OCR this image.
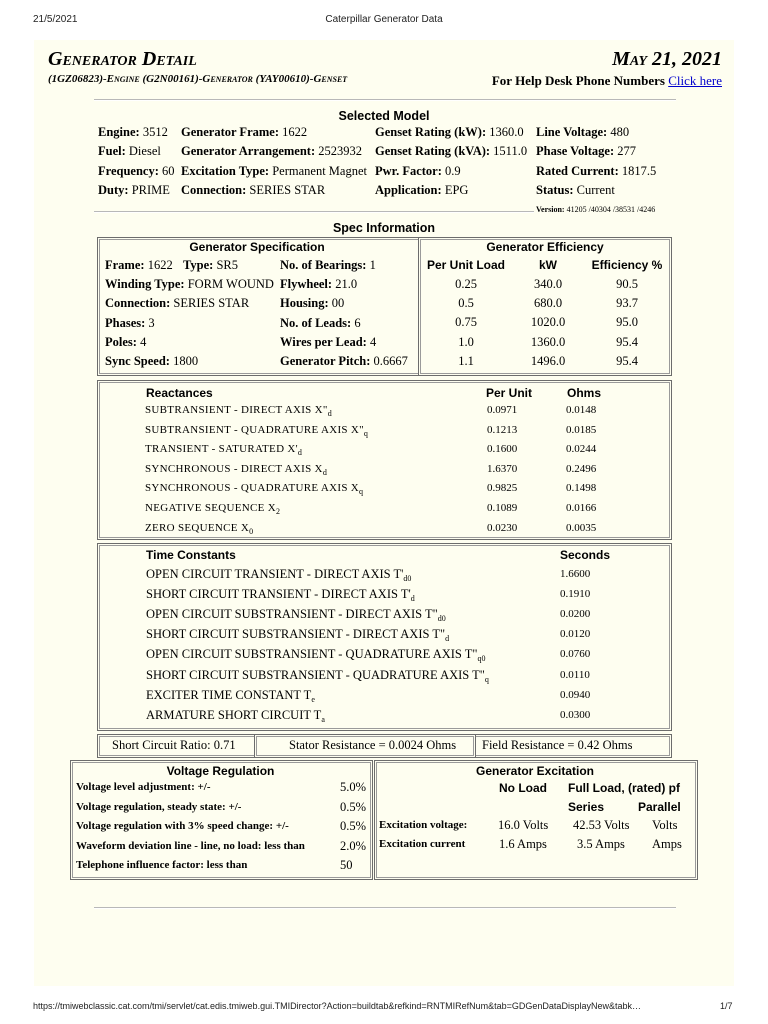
21/5/2021	Caterpillar Generator Data
Generator Detail	May 21, 2021
(1GZ06823)-Engine (G2N00161)-Generator (YAY00610)-Genset	For Help Desk Phone Numbers Click here
Selected Model
Engine: 3512 Generator Frame: 1622	Genset Rating (kW): 1360.0 Line Voltage: 480
Fuel: Diesel Generator Arrangement: 2523932 Genset Rating (kVA): 1511.0 Phase Voltage: 277
Frequency: 60 Excitation Type: Permanent Magnet Pwr. Factor: 0.9	Rated Current: 1817.5
Duty: PRIME Connection: SERIES STAR	Application: EPG	Status: Current
Version: 41205 /40304 /38531 /4246
Spec Information
Generator Specification	Generator Efficiency
Frame: 1622 Type: SR5	No. of Bearings: 1
Winding Type: FORM WOUND Flywheel: 21.0
Connection: SERIES STAR Housing: 00
Phases: 3	No. of Leads: 6
Poles: 4	Wires per Lead: 4
Sync Speed: 1800	Generator Pitch: 0.6667
Per Unit Load	kW	Efficiency %
0.25	340.0	90.5
0.5	680.0	93.7
0.75	1020.0	95.0
1.0	1360.0	95.4
1.1	1496.0	95.4
Reactances	Per Unit	Ohms
SUBTRANSIENT - DIRECT AXIS $X"_d$	0.0971	0.0148
SUBTRANSIENT - QUADRATURE AXIS $X"_q$	0.1213	0.0185
TRANSIENT - SATURATED $X'_d$	0.1600	0.0244
SYNCHRONOUS - DIRECT AXIS $X_d$	1.6370	0.2496
SYNCHRONOUS - QUADRATURE AXIS $X_q$	0.9825	0.1498
NEGATIVE SEQUENCE $X_2$	0.1089	0.0166
ZERO SEQUENCE $X_0$	0.0230	0.0035
Time Constants	Seconds
OPEN CIRCUIT TRANSIENT - DIRECT AXIS $T'_{d0}$	1.6600
SHORT CIRCUIT TRANSIENT - DIRECT AXIS $T'_d$	0.1910
OPEN CIRCUIT SUBSTRANSIENT - DIRECT AXIS $T"_{d0}$	0.0200
SHORT CIRCUIT SUBSTRANSIENT - DIRECT AXIS $T"_d$	0.0120
OPEN CIRCUIT SUBSTRANSIENT - QUADRATURE AXIS $T"_{q0}$	0.0760
SHORT CIRCUIT SUBSTRANSIENT - QUADRATURE AXIS $T"_q$	0.0110
EXCITER TIME CONSTANT $T_e$	0.0940
ARMATURE SHORT CIRCUIT $T_a$	0.0300
Short Circuit Ratio: 0.71	Stator Resistance = 0.0024 Ohms Field Resistance = 0.42 Ohms
Voltage Regulation
Voltage level adjustment: +/-	5.0%
Voltage regulation, steady state: +/-	0.5%
Voltage regulation with 3% speed change: +/-	0.5%
Waveform deviation line - line, no load: less than	2.0%
Telephone influence factor: less than	50
Generator Excitation
No Load Full Load, (rated) pf
Series	Parallel
Excitation voltage: 16.0 Volts 42.53 Volts Volts
Excitation current	1.6 Amps 3.5 Amps Amps
https://tmiwebclassic.cat.com/tmi/servlet/cat.edis.tmiweb.gui.TMIDirector?Action=buildtab&refkind=RNTMIRefNum&tab=GDGenDataDisplayNew&tabk…	1/7
